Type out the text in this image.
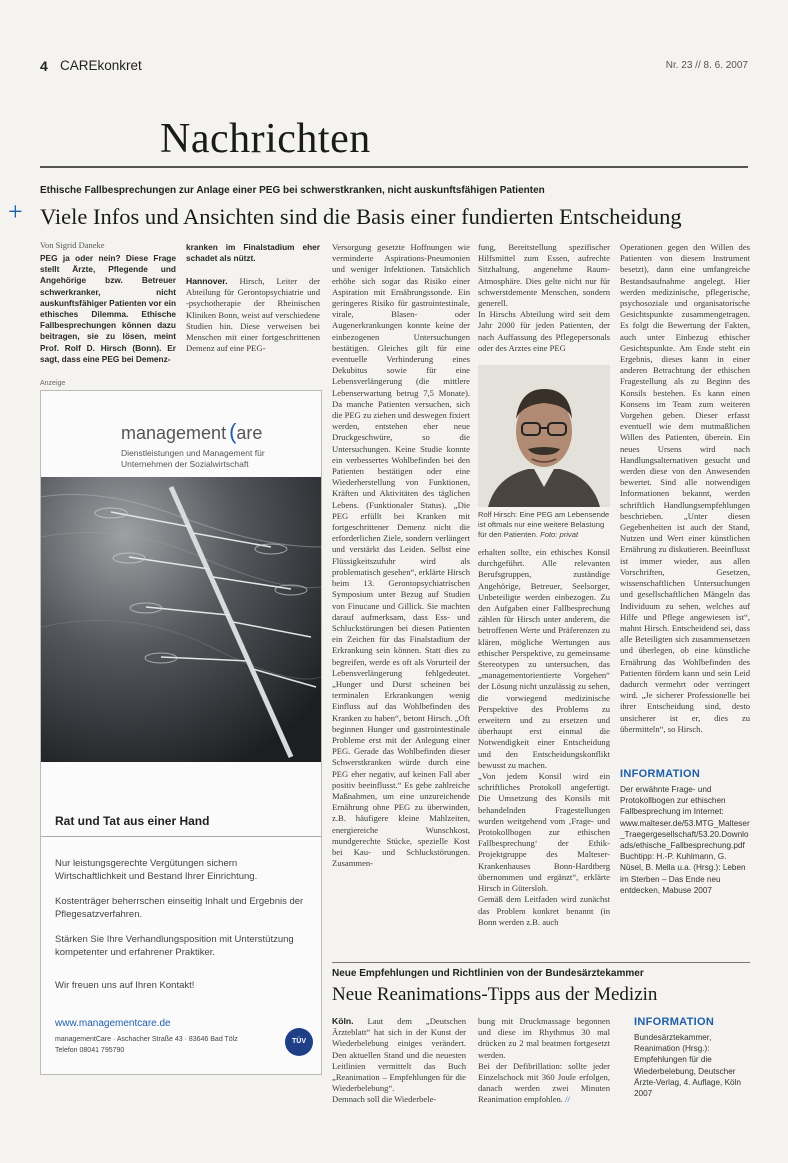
4 CAREkonkret	Nr. 23 // 8. 6. 2007
Nachrichten
Ethische Fallbesprechungen zur Anlage einer PEG bei schwerstkranken, nicht auskunftsfähigen Patienten
+ Viele Infos und Ansichten sind die Basis einer fundierten Entscheidung
Von Sigrid Daneke
PEG ja oder nein? Diese Frage stellt Ärzte, Pflegende und Angehörige bzw. Betreuer schwerkranker, nicht auskunftsfähiger Patienten vor ein ethisches Dilemma. Ethische Fallbesprechungen können dazu beitragen, sie zu lösen, meint Prof. Rolf D. Hirsch (Bonn). Er sagt, dass eine PEG bei Demenz-
kranken im Finalstadium eher schadet als nützt.
Hannover. Hirsch, Leiter der Abteilung für Gerontopsychiatrie und -psychotherapie der Rheinischen Kliniken Bonn, weist auf verschiedene Studien hin. Diese verweisen bei Menschen mit einer fortgeschrittenen Demenz auf eine PEG-
Versorgung gesetzte Hoffnungen wie verminderte Aspirations-Pneumonien und weniger Infektionen. Tatsächlich erhöhe sich sogar das Risiko einer Aspiration mit Ernährungssonde. Ein geringeres Risiko für gastrointestinale, virale, Blasen- oder Augenerkrankungen konnte keine der einbezogenen Untersuchungen bestätigen. Gleiches gilt für eine eventuelle Verhinderung eines Dekubitus sowie für eine Lebensverlängerung (die mittlere Lebenserwartung betrug 7,5 Monate). Da manche Patienten versuchen, sich die PEG zu ziehen und deswegen fixiert werden, entstehen eher neue Druckgeschwüre, so die Untersuchungen. Keine Studie konnte ein verbessertes Wohlbefinden bei den Patienten bestätigen oder eine Wiederherstellung von Funktionen, Kräften und Aktivitäten des täglichen Lebens. (Funktionaler Status). „Die PEG erfüllt bei Kranken mit fortgeschrittener Demenz nicht die erforderlichen Ziele, sondern verlängert und verstärkt das Leiden. Selbst eine Flüssigkeitszufuhr wird als problematisch gesehen“, erklärte Hirsch beim 13. Gerontopsychiatrischen Symposium unter Bezug auf Studien von Finucane und Gillick. Sie machten darauf aufmerksam, dass Ess- und Schluckstörungen bei diesen Patienten ein Zeichen für das Finalstadium der Erkrankung sein können. Statt dies zu begreifen, werde es oft als Vorurteil der Lebensverlängerung fehlgedeutet. „Hunger und Durst scheinen bei terminalen Erkrankungen wenig Einfluss auf das Wohlbefinden des Kranken zu haben“, betont Hirsch. „Oft beginnen Hunger und gastrointestinale Probleme erst mit der Anlegung einer PEG. Gerade das Wohlbefinden dieser Schwerstkranken würde durch eine PEG eher negativ, auf keinen Fall aber positiv beeinflusst.“ Es gebe zahlreiche Maßnahmen, um eine unzureichende Ernährung ohne PEG zu überwinden, z.B. häufigere kleine Mahlzeiten, energiereiche Wunschkost, mundgerechte Stücke, spezielle Kost bei Kau- und Schluckstörungen. Zusammen-
fung, Bereitstellung spezifischer Hilfsmittel zum Essen, aufrechte Sitzhaltung, angenehme Raum-Atmosphäre. Dies gelte nicht nur für schwerstdemente Menschen, sondern generell.
In Hirschs Abteilung wird seit dem Jahr 2000 für jeden Patienten, der nach Auffassung des Pflegepersonals oder des Arztes eine PEG
Rolf Hirsch: Eine PEG am Lebensende ist oftmals nur eine weitere Belastung für den Patienten. Foto: privat
erhalten sollte, ein ethisches Konsil durchgeführt. Alle relevanten Berufsgruppen, zuständige Angehörige, Betreuer, Seelsorger, Unbeteiligte werden einbezogen. Zu den Aufgaben einer Fallbesprechung zählen für Hirsch unter anderem, die betroffenen Werte und Präferenzen zu klären, mögliche Wertungen aus ethischer Perspektive, zu gemeinsame Stereotypen zu untersuchen, das „managementorientierte Vorgehen“ der Lösung nicht unzulässig zu sehen, die vorwiegend medizinische Perspektive des Problems zu erweitern und zu ersetzen und überhaupt erst einmal die Notwendigkeit einer Entscheidung und den Entscheidungskonflikt bewusst zu machen.
„Von jedem Konsil wird ein schriftliches Protokoll angefertigt. Die Umsetzung des Konsils mit behandelnden Fragestellungen wurden weitgehend vom ‚Frage- und Protokollbogen zur ethischen Fallbesprechung‘ der Ethik-Projektgruppe des Malteser-Krankenhauses Bonn-Hardtberg übernommen und ergänzt“, erklärte Hirsch in Gütersloh.
Gemäß dem Leitfaden wird zunächst das Problem konkret benannt (in Bonn werden z.B. auch
Operationen gegen den Willen des Patienten von diesem Instrument besetzt), dann eine umfangreiche Bestandsaufnahme angelegt. Hier werden medizinische, pflegerische, psychosoziale und organisatorische Gesichtspunkte zusammengetragen. Es folgt die Bewertung der Fakten, auch unter Einbezug ethischer Gesichtspunkte. Am Ende steht ein Ergebnis, dieses kann in einer anderen Betrachtung der ethischen Fragestellung als zu Beginn des Konsils bestehen. Es kann einen Konsens im Team zum weiteren Vorgehen geben. Dieser erfasst eventuell wie dem mutmaßlichen Willen des Patienten, überein. Ein neues Ursens wird nach Handlungsalternativen gesucht und werden diese von den Anwesenden bewertet. Sind alle notwendigen Informationen bekannt, werden schriftlich Handlungsempfehlungen beschrieben. „Unter diesen Gegebenheiten ist auch der Stand, Nutzen und Wert einer künstlichen Ernährung zu diskutieren. Beeinflusst ist immer wieder, aus allen Vorschriften, Gesetzen, wissenschaftlichen Untersuchungen und gesellschaftlichen Mängeln das Individuum zu sehen, welches auf Hilfe und Pflege angewiesen ist“, mahnt Hirsch. Entscheidend sei, dass alle Beteiligten sich zusammensetzen und überlegen, ob eine künstliche Ernährung das Wohlbefinden des Patienten fördern kann und sein Leid dadurch vermehrt oder verringert wird. „Je sicherer Professionelle bei ihrer Entscheidung sind, desto unsicherer ist er, dies zu übermitteln“, so Hirsch.
INFORMATION
Der erwähnte Frage- und Protokollbogen zur ethischen Fallbesprechung im Internet: www.malteser.de/53.MTG_Malteser_Traegergesellschaft/53.20.Downloads/ethische_Fallbesprechung.pdf
Buchtipp: H.-P. Kuhlmann, G. Nüsel, B. Mella u.a. (Hrsg.): Leben im Sterben – Das Ende neu entdecken, Mabuse 2007
Anzeige
management (are
Dienstleistungen und Management für Unternehmen der Sozialwirtschaft
Rat und Tat aus einer Hand
Nur leistungsgerechte Vergütungen sichern Wirtschaftlichkeit und Bestand Ihrer Einrichtung.
Kostenträger beherrschen einseitig Inhalt und Ergebnis der Pflegesatzverfahren.
Stärken Sie Ihre Verhandlungsposition mit Unterstützung kompetenter und erfahrener Praktiker.
Wir freuen uns auf Ihren Kontakt!
www.managementcare.de
managementCare · Aschacher Straße 43 · 83646 Bad Tölz
Telefon 08041 795790
TÜV
Neue Empfehlungen und Richtlinien von der Bundesärztekammer
Neue Reanimations-Tipps aus der Medizin
Köln. Laut dem „Deutschen Ärzteblatt“ hat sich in der Kunst der Wiederbelebung einiges verändert. Den aktuellen Stand und die neuesten Leitlinien vermittelt das Buch „Reanimation – Empfehlungen für die Wiederbelebung“.
Demnach soll die Wiederbele-
bung mit Druckmassage begonnen und diese im Rhythmus 30 mal drücken zu 2 mal beatmen fortgesetzt werden.
Bei der Defibrillation: sollte jeder Einzelschock mit 360 Joule erfolgen, danach werden zwei Minuten Reanimation empfohlen. //
INFORMATION
Bundesärztekammer, Reanimation (Hrsg.): Empfehlungen für die Wiederbelebung, Deutscher Ärzte-Verlag, 4. Auflage, Köln 2007
